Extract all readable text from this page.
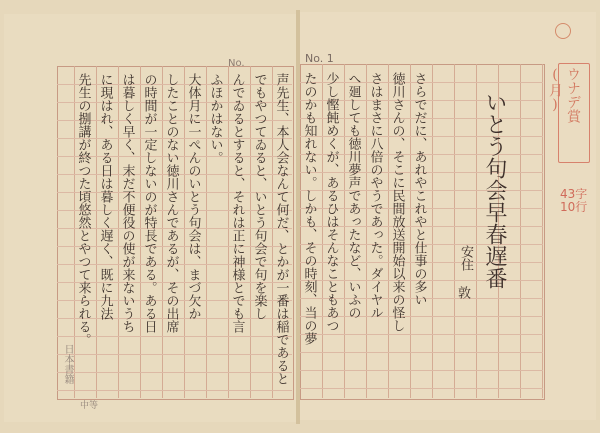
ウナデ賞(月)
43字
10行
No. 1
No.
いとう句会早春遅番
安住
敦
さらでだに、あれやこれやと仕事の多い
徳川さんの、そこに民間放送開始以来の怪し
さはまさに八倍のやうであった。ダイヤル
へ廻しても徳川夢声であったなど、いふの
少し慳飩めくが、あるひはそんなこともあつ
たのかも知れない。しかも、その時刻、当の夢
声先生、本人会なんて何だ、とかが一番は稲であると
でもやつてゐると、いとう句会で句を楽し
んでゐるとすると、それは正に神様とでも言
ふほかはない。
大体月に一ぺんのいとう句会は、まづ欠か
したことのない徳川さんであるが、その出席
の時間が一定しないのが特長である。ある日
は暮しく早く、末だ不便役の使が来ないうち
に現はれ、ある日は暮しく遅く、既に九法
先生の捌講が終つた頃悠然とやつて来られる。
日本書籍
中等
